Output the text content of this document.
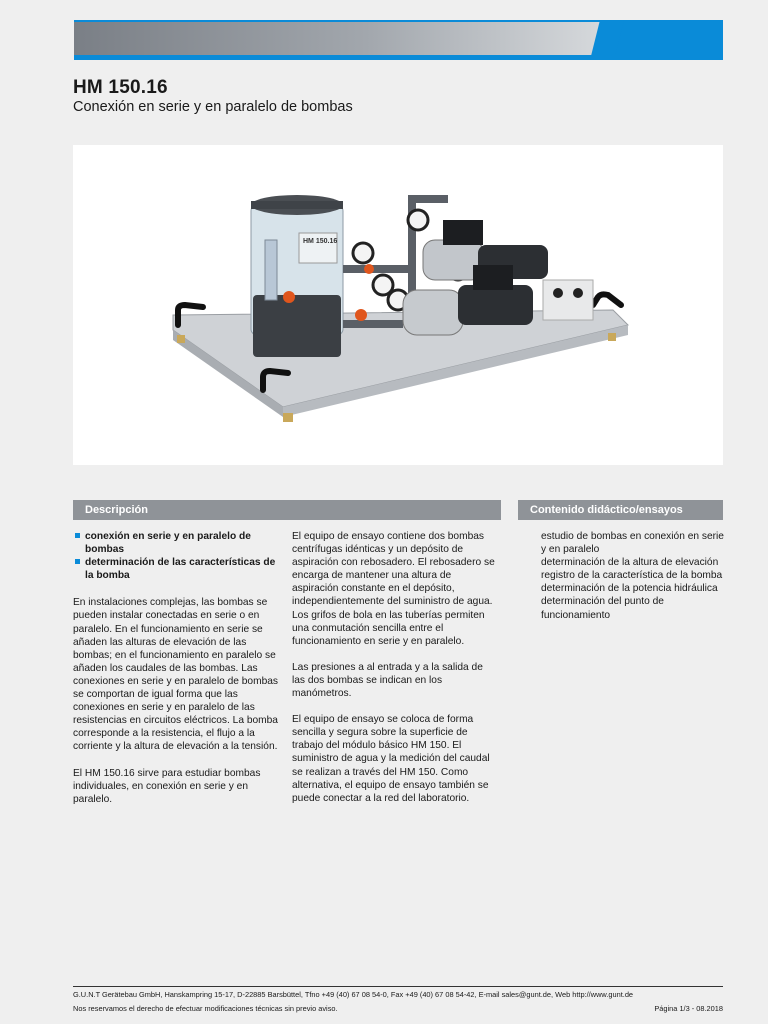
HM 150.16
Conexión en serie y en paralelo de bombas
HM 150.16
Descripción	Contenido didáctico/ensayos
conexión en serie y en paralelo de bombas
determinación de las características de la bomba

En instalaciones complejas, las bombas se pueden instalar conectadas en serie o en paralelo. En el funcionamiento en serie se añaden las alturas de elevación de las bombas; en el funcionamiento en paralelo se añaden los caudales de las bombas. Las conexiones en serie y en paralelo de bombas se comportan de igual forma que las conexiones en serie y en paralelo de las resistencias en circuitos eléctricos. La bomba corresponde a la resistencia, el flujo a la corriente y la altura de elevación a la tensión.

El HM 150.16 sirve para estudiar bombas individuales, en conexión en serie y en paralelo.

El equipo de ensayo contiene dos bombas centrífugas idénticas y un depósito de aspiración con rebosadero. El rebosadero se encarga de mantener una altura de aspiración constante en el depósito, independientemente del suministro de agua. Los grifos de bola en las tuberías permiten una conmutación sencilla entre el funcionamiento en serie y en paralelo.

Las presiones a al entrada y a la salida de las dos bombas se indican en los manómetros.

El equipo de ensayo se coloca de forma sencilla y segura sobre la superficie de trabajo del módulo básico HM 150. El suministro de agua y la medición del caudal se realizan a través del HM 150. Como alternativa, el equipo de ensayo también se puede conectar a la red del laboratorio.

estudio de bombas en conexión en serie y en paralelo
determinación de la altura de elevación
registro de la característica de la bomba
determinación de la potencia hidráulica
determinación del punto de funcionamiento
G.U.N.T Gerätebau GmbH, Hanskampring 15-17, D-22885 Barsbüttel, Tfno +49 (40) 67 08 54-0, Fax +49 (40) 67 08 54-42, E-mail sales@gunt.de, Web http://www.gunt.de
Nos reservamos el derecho de efectuar modificaciones técnicas sin previo aviso.	Página 1/3 - 08.2018
